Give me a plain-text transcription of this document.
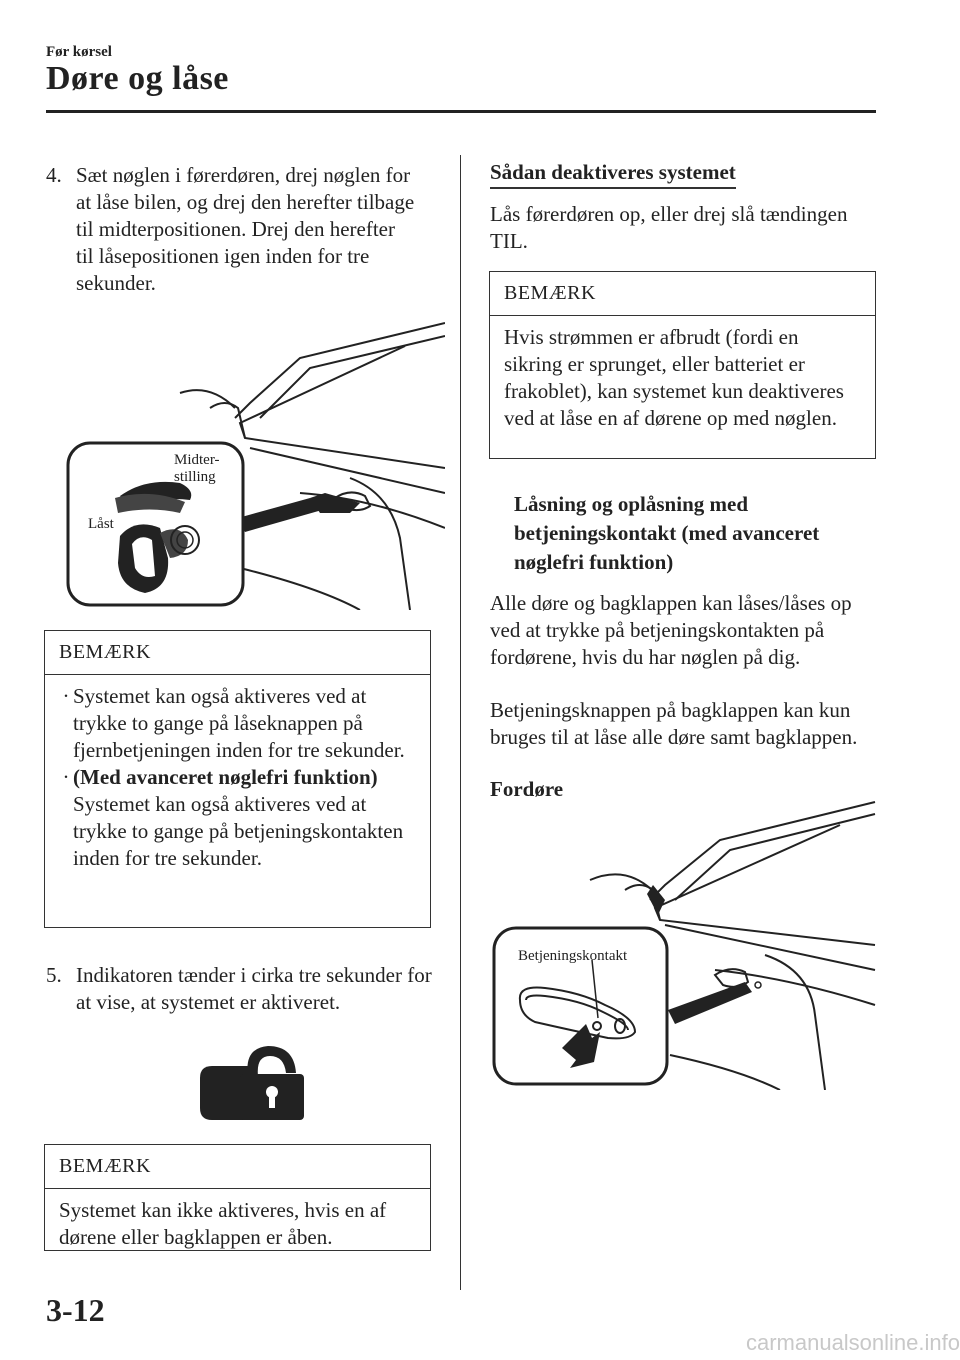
Før kørsel
Døre og låse
4. Sæt nøglen i førerdøren, drej nøglen for at låse bilen, og drej den herefter tilbage til midterpositionen. Drej den herefter til låsepositionen igen inden for tre sekunder.
Midter-
stilling
Låst
BEMÆRK
· Systemet kan også aktiveres ved at trykke to gange på låseknappen på fjernbetjeningen inden for tre sekunder.
· (Med avanceret nøglefri funktion)
Systemet kan også aktiveres ved at trykke to gange på betjeningskontakten inden for tre sekunder.
5. Indikatoren tænder i cirka tre sekunder for at vise, at systemet er aktiveret.
BEMÆRK
Systemet kan ikke aktiveres, hvis en af dørene eller bagklappen er åben.
Sådan deaktiveres systemet
Lås førerdøren op, eller drej slå tændingen TIL.
BEMÆRK
Hvis strømmen er afbrudt (fordi en sikring er sprunget, eller batteriet er frakoblet), kan systemet kun deaktiveres ved at låse en af dørene op med nøglen.
Låsning og oplåsning med betjeningskontakt (med avanceret nøglefri funktion)
Alle døre og bagklappen kan låses/låses op ved at trykke på betjeningskontakten på fordørene, hvis du har nøglen på dig.
Betjeningsknappen på bagklappen kan kun bruges til at låse alle døre samt bagklappen.
Fordøre
Betjeningskontakt
3-12
carmanualsonline.info
